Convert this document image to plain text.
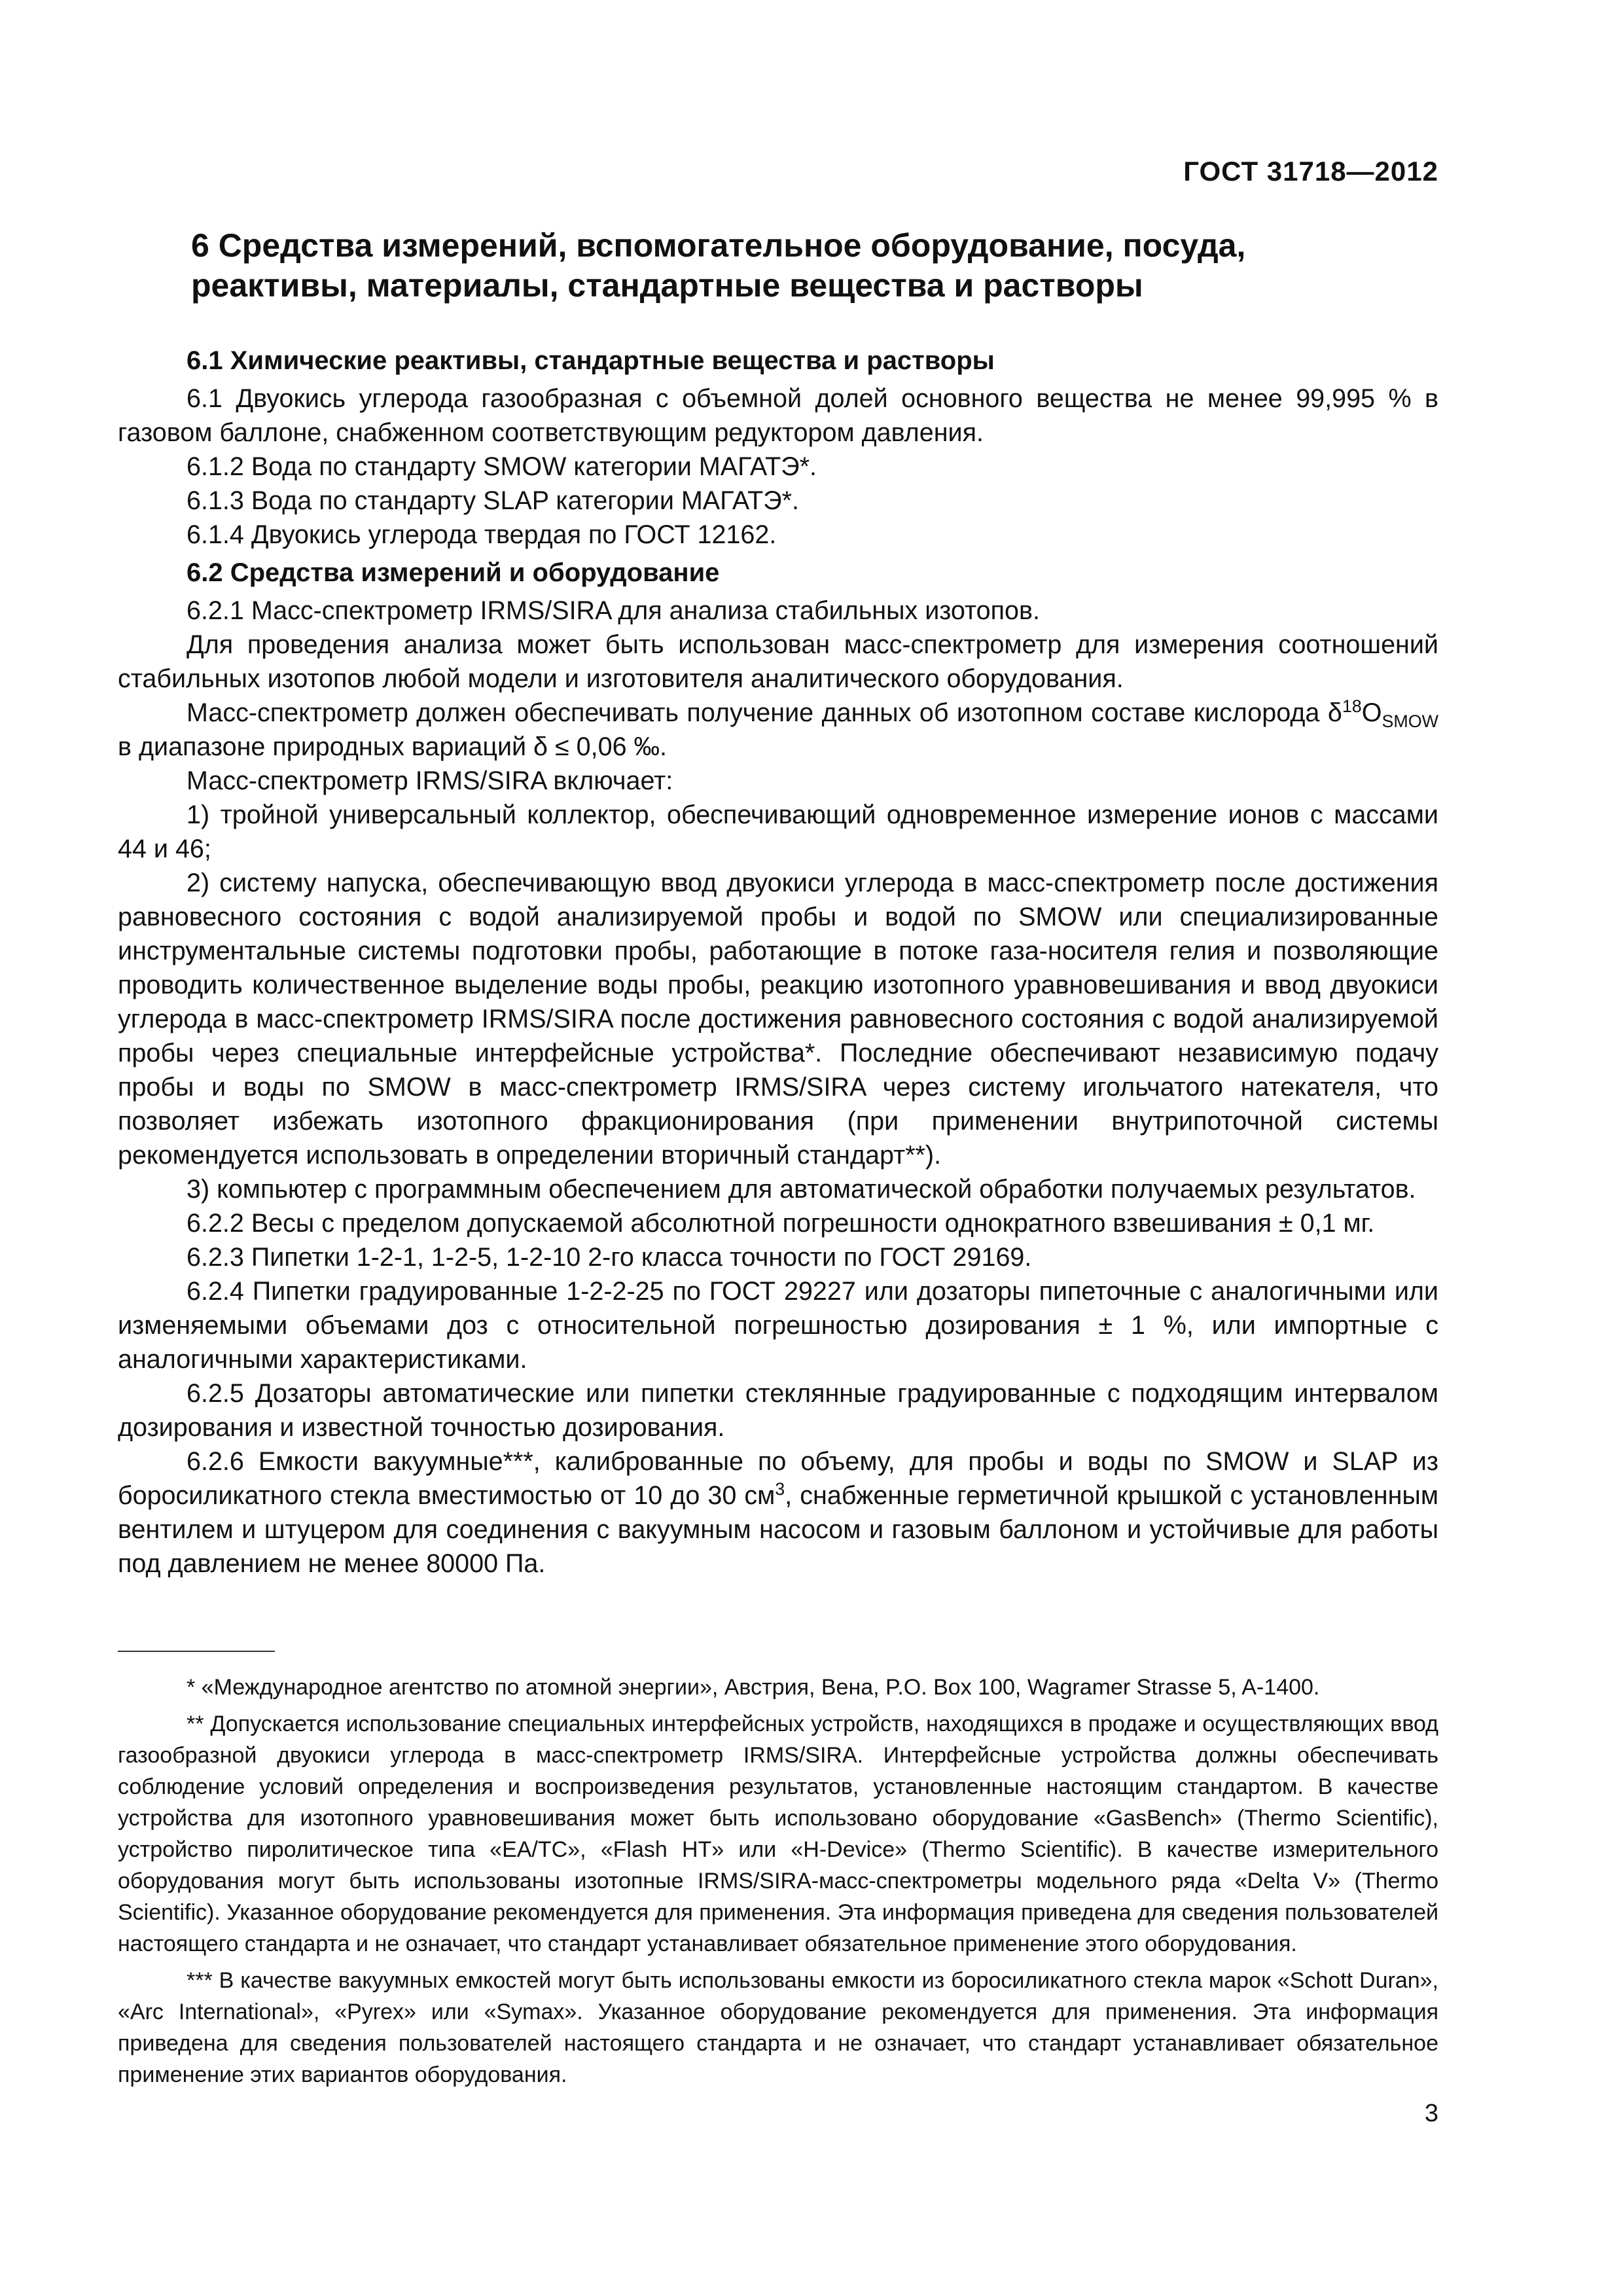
ГОСТ 31718—2012
6 Средства измерений, вспомогательное оборудование, посуда,
реактивы, материалы, стандартные вещества и растворы
6.1 Химические реактивы, стандартные вещества и растворы

6.1 Двуокись углерода газообразная с объемной долей основного вещества не менее 99,995 % в газовом баллоне, снабженном соответствующим редуктором давления.

6.1.2 Вода по стандарту SMOW категории МАГАТЭ*.

6.1.3 Вода по стандарту SLAP категории МАГАТЭ*.

6.1.4 Двуокись углерода твердая по ГОСТ 12162.

6.2 Средства измерений и оборудование

6.2.1 Масс-спектрометр IRMS/SIRA для анализа стабильных изотопов.

Для проведения анализа может быть использован масс-спектрометр для измерения соотношений стабильных изотопов любой модели и изготовителя аналитического оборудования.

Масс-спектрометр должен обеспечивать получение данных об изотопном составе кислорода $\delta^{18}O_{SMOW}$ в диапазоне природных вариаций δ ≤ 0,06 ‰.

Масс-спектрометр IRMS/SIRA включает:

1) тройной универсальный коллектор, обеспечивающий одновременное измерение ионов с массами 44 и 46;

2) систему напуска, обеспечивающую ввод двуокиси углерода в масс-спектрометр после достижения равновесного состояния с водой анализируемой пробы и водой по SMOW или специализированные инструментальные системы подготовки пробы, работающие в потоке газа-носителя гелия и позволяющие проводить количественное выделение воды пробы, реакцию изотопного уравновешивания и ввод двуокиси углерода в масс-спектрометр IRMS/SIRA после достижения равновесного состояния с водой анализируемой пробы через специальные интерфейсные устройства*. Последние обеспечивают независимую подачу пробы и воды по SMOW в масс-спектрометр IRMS/SIRA через систему игольчатого натекателя, что позволяет избежать изотопного фракционирования (при применении внутрипоточной системы рекомендуется использовать в определении вторичный стандарт**).

3) компьютер с программным обеспечением для автоматической обработки получаемых результатов.

6.2.2 Весы с пределом допускаемой абсолютной погрешности однократного взвешивания ± 0,1 мг.

6.2.3 Пипетки 1-2-1, 1-2-5, 1-2-10 2-го класса точности по ГОСТ 29169.

6.2.4 Пипетки градуированные 1-2-2-25 по ГОСТ 29227 или дозаторы пипеточные с аналогичными или изменяемыми объемами доз с относительной погрешностью дозирования ± 1 %, или импортные с аналогичными характеристиками.

6.2.5 Дозаторы автоматические или пипетки стеклянные градуированные с подходящим интервалом дозирования и известной точностью дозирования.

6.2.6 Емкости вакуумные***, калиброванные по объему, для пробы и воды по SMOW и SLAP из боросиликатного стекла вместимостью от 10 до 30 $см^3$, снабженные герметичной крышкой с установленным вентилем и штуцером для соединения с вакуумным насосом и газовым баллоном и устойчивые для работы под давлением не менее 80000 Па.

* «Международное агентство по атомной энергии», Австрия, Вена, P.O. Box 100, Wagramer Strasse 5, A-1400.

** Допускается использование специальных интерфейсных устройств, находящихся в продаже и осуществляющих ввод газообразной двуокиси углерода в масс-спектрометр IRMS/SIRA. Интерфейсные устройства должны обеспечивать соблюдение условий определения и воспроизведения результатов, установленные настоящим стандартом. В качестве устройства для изотопного уравновешивания может быть использовано оборудование «GasBench» (Thermo Scientific), устройство пиролитическое типа «EA/TC», «Flash HT» или «H-Device» (Thermo Scientific). В качестве измерительного оборудования могут быть использованы изотопные IRMS/SIRA-масс-спектрометры модельного ряда «Delta V» (Thermo Scientific). Указанное оборудование рекомендуется для применения. Эта информация приведена для сведения пользователей настоящего стандарта и не означает, что стандарт устанавливает обязательное применение этого оборудования.

*** В качестве вакуумных емкостей могут быть использованы емкости из боросиликатного стекла марок «Schott Duran», «Arc International», «Pyrex» или «Symax». Указанное оборудование рекомендуется для применения. Эта информация приведена для сведения пользователей настоящего стандарта и не означает, что стандарт устанавливает обязательное применение этих вариантов оборудования.

3
